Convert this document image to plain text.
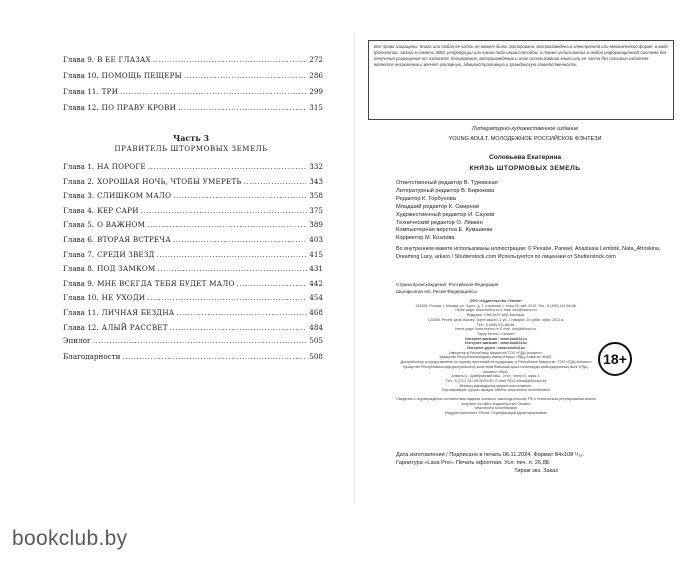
Глава 9. В ЕЕ ГЛАЗАХ .....	272
Глава 10. ПОМОЩЬ ПЕЩЕРЫ .....	286
Глава 11. ТРИ .....	299
Глава 12. ПО ПРАВУ КРОВИ .....	315
Часть 3
ПРАВИТЕЛЬ ШТОРМОВЫХ ЗЕМЕЛЬ
Глава 1. НА ПОРОГЕ .....	332
Глава 2. ХОРОШАЯ НОЧЬ, ЧТОБЫ УМЕРЕТЬ .....	343
Глава 3. СЛИШКОМ МАЛО .....	358
Глава 4. КЕР САРИ .....	375
Глава 5. О ВАЖНОМ .....	389
Глава 6. ВТОРАЯ ВСТРЕЧА .....	403
Глава 7. СРЕДИ ЗВЕЗД .....	415
Глава 8. ПОД ЗАМКОМ .....	431
Глава 9. МНЕ ВСЕГДА ТЕБЯ БУДЕТ МАЛО .....	442
Глава 10. НЕ УХОДИ .....	454
Глава 11. ЛИЧНАЯ БЕЗДНА .....	468
Глава 12. АЛЫЙ РАССВЕТ .....	484
Эпилог .....	505
Благодарности .....	508
Все права защищены. Книга или любая ее часть не может быть скопирована, воспроизведена в электронной или механической форме, в виде фотокопии, записи в память ЭВМ, репродукции или каким-либо иным способом, а также использована в любой информационной системе без получения разрешения от издателя. Копирование, воспроизведение и иное использование книги или ее части без согласия издателя является незаконным и влечет уголовную, административную и гражданскую ответственность.
Литературно-художественное издание
YOUNG ADULT. МОЛОДЕЖНОЕ РОССИЙСКОЕ ФЭНТЕЗИ
Соловьева Екатерина
КНЯЗЬ ШТОРМОВЫХ ЗЕМЕЛЬ
Ответственный редактор В. Туровская
Литературный редактор В. Бирюкова
Редактор К. Горбунова
Младший редактор К. Смирнов
Художественный редактор И. Сауков
Технический редактор О. Лёвкин
Компьютерная верстка Е. Кумшаева
Корректор М. Козлова
Во внутреннем макете использованы иллюстрации: © Pexabe, Panwel, Anastasia Lembrik, Nata_Afroskina, Dreaming Lucy, arkaro / Shutterstock.com Используются по лицензии от Shutterstock.com
Страна происхождения: Российская Федерация
Шығарылған елі: Ресей Федерациясы
ООО «Издательство «Эксмо»
123308, Россия, г. Москва, ул. Зорге, д. 1, строение 1, этаж 20, каб. 2013. Тел.: 8 (495) 411-68-86.
Home page: www.eksmo.ru E-mail: info@eksmo.ru
Өндіруші: «ЭКСМО» АҚБ Баспасы,
123308, Ресей, қала Мәскеу, Зорге көшесі, 1 үй, 1 ғимарат, 20 қабат, офис 2013 ж.
Тел.: 8 (495) 411-68-86.
Home page: www.eksmo.ru E-mail: info@eksmo.ru.
Тауар белгісі: «Эксмо»
Интернет-магазин : www.book24.ru
Интернет-магазин : www.book24.kz
Интернет-дүкен : www.book24.kz
Импортёр в Республику Казахстан ТОО «РДЦ-Алматы».
Қазақстан Республикасындағы импорттаушы «РДЦ-Алматы» ЖШС.
Дистрибьютор и представитель по приему претензий на продукцию, в Республике Казахстан: ТОО «РДЦ-Алматы»
Қазақстан Республикасында дистрибьютор және өнім бойынша арыз-талаптарды қабылдаушының өкілі «РДЦ-Алматы» ЖШС,
Алматы қ., Домбровский көш., 3«а», литер Б, офис 1.
Тел.: 8 (727) 251-59-90/91/92; E-mail: RDC-Almaty@eksmo.kz
Өнімнің жарамдылық мерзімі шектелмеген.
Сертификация туралы ақпарат сайтта: www.eksmo.ru/certification
18+
Сведения о подтверждении соответствия издания согласно законодательству РФ о техническом регулировании можно получить на сайте Издательства «Эксмо»
www.eksmo.ru/certification
Өндірген мемлекет: Ресей. Сертификация қарастырылмаған
Дата изготовления / Подписано в печать 06.11.2024. Формат 84x108 ¹/₃₂.
Гарнитура «Lava Pro». Печать офсетная. Усл. печ. л. 26,88.
Тираж экз. Заказ
bookclub.by
